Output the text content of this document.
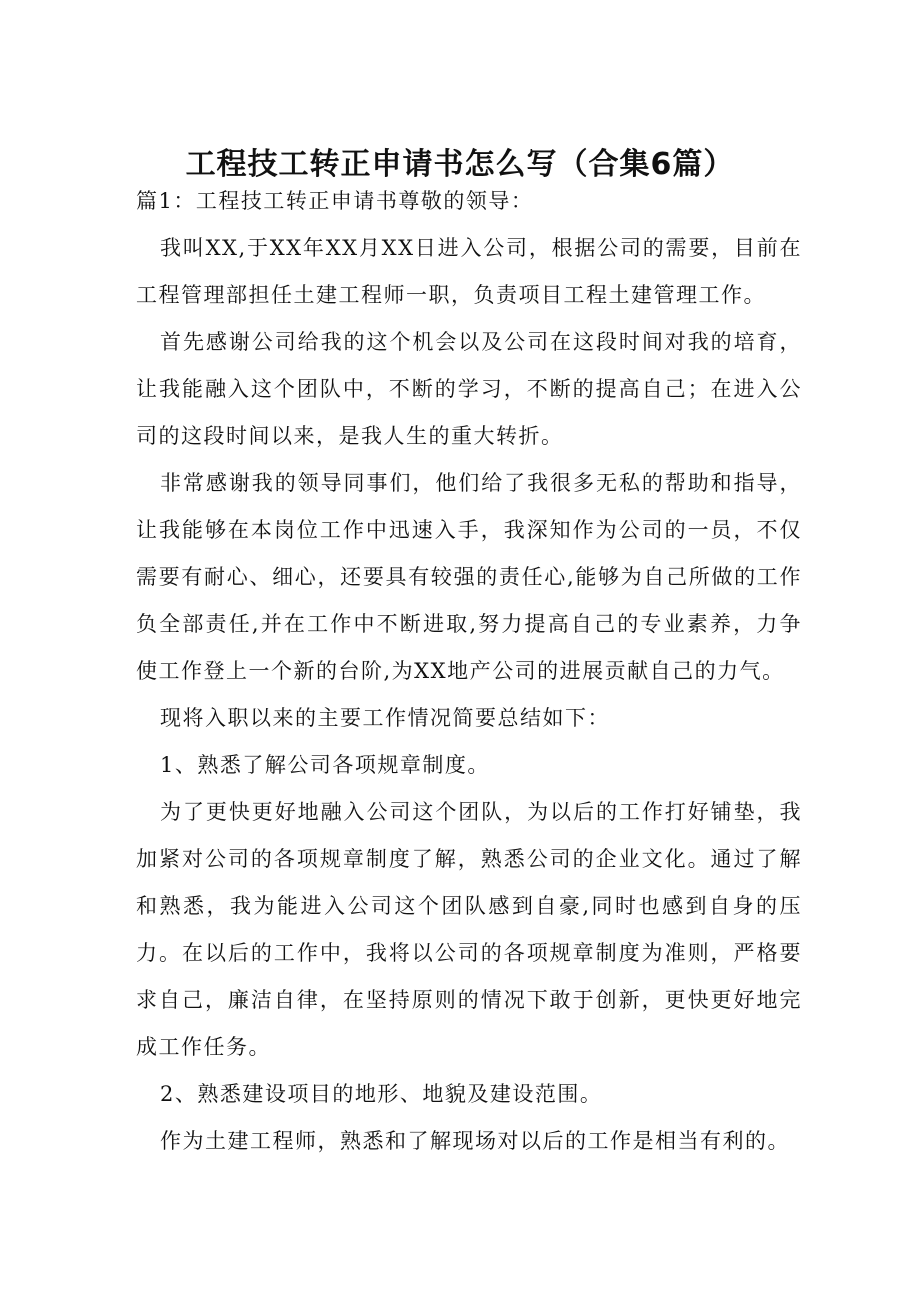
工程技工转正申请书怎么写（合集6篇）

篇1：工程技工转正申请书尊敬的领导：

我叫XX,于XX年XX月XX日进入公司，根据公司的需要，目前在工程管理部担任土建工程师一职，负责项目工程土建管理工作。

首先感谢公司给我的这个机会以及公司在这段时间对我的培育，让我能融入这个团队中，不断的学习，不断的提高自己；在进入公司的这段时间以来，是我人生的重大转折。

非常感谢我的领导同事们，他们给了我很多无私的帮助和指导，让我能够在本岗位工作中迅速入手，我深知作为公司的一员，不仅需要有耐心、细心，还要具有较强的责任心,能够为自己所做的工作负全部责任,并在工作中不断进取,努力提高自己的专业素养，力争使工作登上一个新的台阶,为XX地产公司的进展贡献自己的力气。

现将入职以来的主要工作情况简要总结如下：

1、熟悉了解公司各项规章制度。

为了更快更好地融入公司这个团队，为以后的工作打好铺垫，我加紧对公司的各项规章制度了解，熟悉公司的企业文化。通过了解和熟悉，我为能进入公司这个团队感到自豪,同时也感到自身的压力。在以后的工作中，我将以公司的各项规章制度为准则，严格要求自己，廉洁自律，在坚持原则的情况下敢于创新，更快更好地完成工作任务。

2、熟悉建设项目的地形、地貌及建设范围。

作为土建工程师，熟悉和了解现场对以后的工作是相当有利的。
